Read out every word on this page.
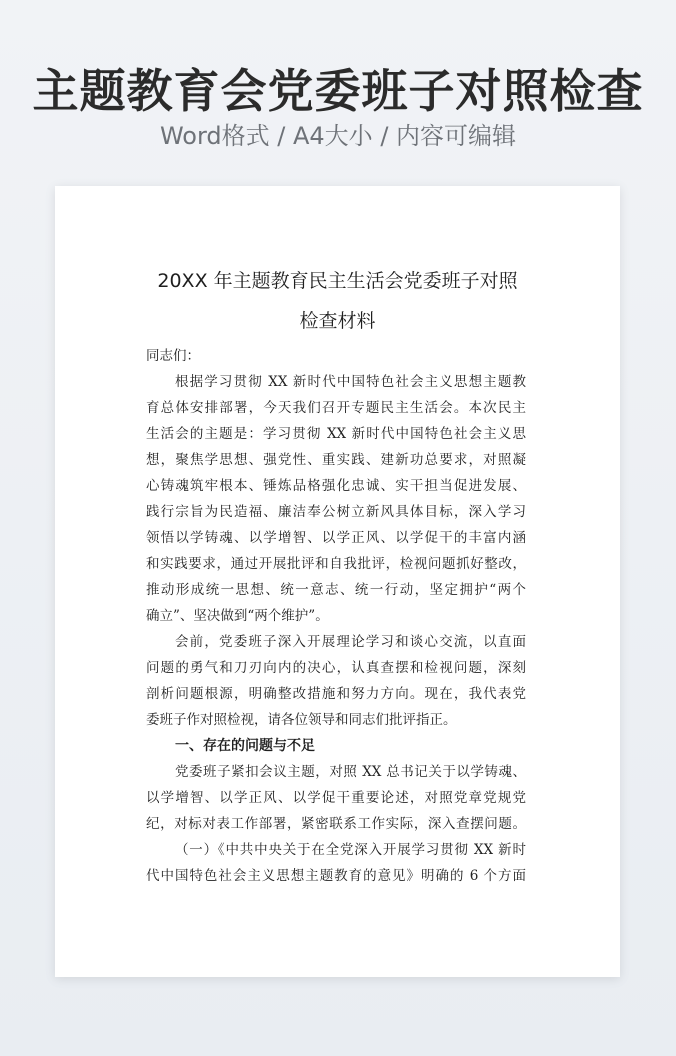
主题教育会党委班子对照检查
Word格式 / A4大小 / 内容可编辑
20XX 年主题教育民主生活会党委班子对照
检查材料
同志们：
根据学习贯彻 XX 新时代中国特色社会主义思想主题教
育总体安排部署，今天我们召开专题民主生活会。本次民主
生活会的主题是：学习贯彻 XX 新时代中国特色社会主义思
想，聚焦学思想、强党性、重实践、建新功总要求，对照凝
心铸魂筑牢根本、锤炼品格强化忠诚、实干担当促进发展、
践行宗旨为民造福、廉洁奉公树立新风具体目标，深入学习
领悟以学铸魂、以学增智、以学正风、以学促干的丰富内涵
和实践要求，通过开展批评和自我批评，检视问题抓好整改，
推动形成统一思想、统一意志、统一行动，坚定拥护“两个
确立”、坚决做到“两个维护”。
会前，党委班子深入开展理论学习和谈心交流，以直面
问题的勇气和刀刃向内的决心，认真查摆和检视问题，深刻
剖析问题根源，明确整改措施和努力方向。现在，我代表党
委班子作对照检视，请各位领导和同志们批评指正。
一、存在的问题与不足
党委班子紧扣会议主题，对照 XX 总书记关于以学铸魂、
以学增智、以学正风、以学促干重要论述，对照党章党规党
纪，对标对表工作部署，紧密联系工作实际，深入查摆问题。
（一）《中共中央关于在全党深入开展学习贯彻 XX 新时
代中国特色社会主义思想主题教育的意见》明确的 6 个方面
